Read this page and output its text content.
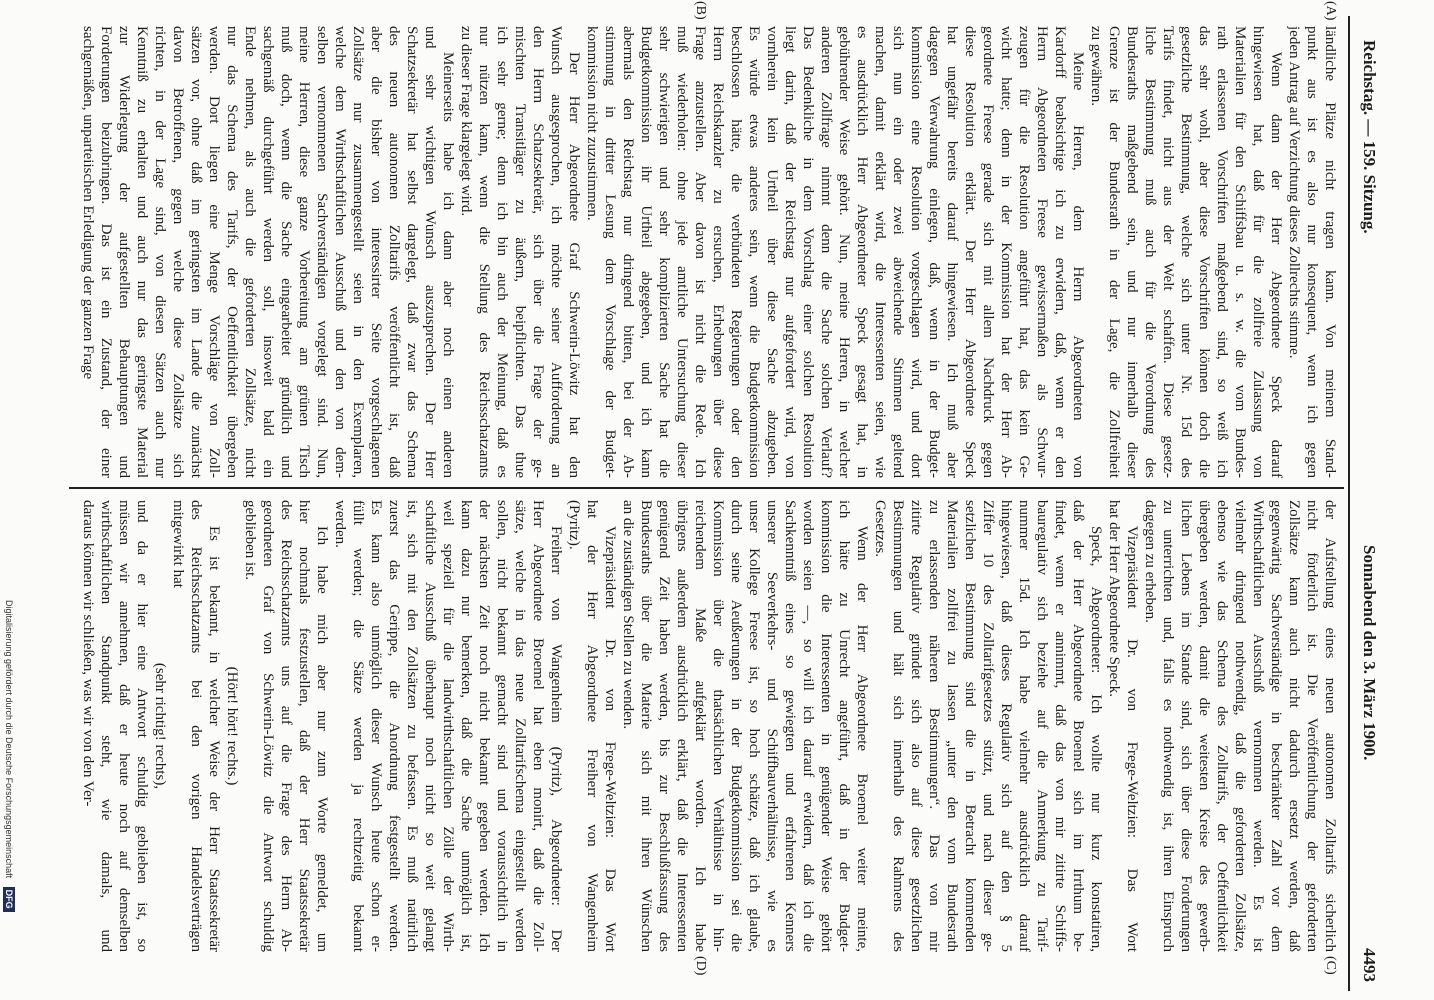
Reichstag. — 159. Sitzung.
Sonnabend den 3. März 1900.
4493
(A)
(B)
ländliche Plätze nicht tragen kann. Von meinem Stand-
punkt aus ist es also nur konsequent, wenn ich gegen
jeden Antrag auf Verzichtung dieses Zollrechts stimme.
Wenn dann der Herr Abgeordnete Speck darauf
hingewiesen hat, daß für die zollfreie Zulassung von
Materialien für den Schiffsbau u. s. w. die vom Bundes-
rath erlassenen Vorschriften maßgebend sind, so weiß ich
das sehr wohl, aber diese Vorschriften können doch die
gesetzliche Bestimmung, welche sich unter Nr. 15d des
Tarifs findet, nicht aus der Welt schaffen. Diese gesetz-
liche Bestimmung muß auch für die Verordnung des
Bundesraths maßgebend sein, und nur innerhalb dieser
Grenze ist der Bundesrath in der Lage, die Zollfreiheit
zu gewähren.
Meine Herren, dem Herrn Abgeordneten von
Kardorff beabsichtige ich zu erwidern, daß, wenn er den
Herrn Abgeordneten Freese gewissermaßen als Schwur-
zeugen für die Resolution angeführt hat, das kein Ge-
wicht hatte; denn in der Kommission hat der Herr Ab-
geordnete Freese gerade sich mit allem Nachdruck gegen
diese Resolution erklärt. Der Herr Abgeordnete Speck
hat ungefähr bereits darauf hingewiesen. Ich muß aber
dagegen Verwahrung einlegen, daß, wenn in der Budget-
kommission eine Resolution vorgeschlagen wird, und dort
sich nun ein oder zwei abweichende Stimmen geltend
machen, damit erklärt wird, die Interessenten seien, wie
es ausdrücklich Herr Abgeordneter Speck gesagt hat, in
gebührender Weise gehört. Nun, meine Herren, in welcher
anderen Zollfrage nimmt denn die Sache solchen Verlauf?
Das Bedenkliche in dem Vorschlag einer solchen Resolution
liegt darin, daß der Reichstag nur aufgefordert wird, von
vornherein kein Urtheil über diese Sache abzugeben.
Es würde etwas anderes sein, wenn die Budgetkommission
beschlossen hätte, die verbündeten Regierungen oder den
Herrn Reichskanzler zu ersuchen, Erhebungen über diese
Frage anzustellen. Aber davon ist nicht die Rede. Ich
muß wiederholen: ohne jede amtliche Untersuchung dieser
sehr schwierigen und sehr komplizierten Sache hat die
Budgetkommission ihr Urtheil abgegeben, und ich kann
abermals den Reichstag nur dringend bitten, bei der Ab-
stimmung in dritter Lesung dem Vorschlage der Budget-
kommission nicht zuzustimmen.
Der Herr Abgeordnete Graf Schwerin-Löwitz hat den
Wunsch ausgesprochen, ich möchte seiner Aufforderung an
den Herrn Schatzsekretär, sich über die Frage der ge-
mischten Transitläger zu äußern, beipflichten. Das thue
ich sehr gerne; denn ich bin auch der Meinung, daß es
nur nützen kann, wenn die Stellung des Reichsschatzamts
zu dieser Frage klargelegt wird.
Meinerseits habe ich dann aber noch einen anderen
und sehr wichtigen Wunsch auszusprechen. Der Herr
Schatzsekretär hat selbst dargelegt, daß zwar das Schema
des neuen autonomen Zolltarifs veröffentlicht ist, daß
aber die bisher von interessirter Seite vorgeschlagenen
Zollsätze nur zusammengestellt seien in den Exemplaren,
welche dem Wirthschaftlichen Ausschuß und den von dem-
selben vernommenen Sachverständigen vorgelegt sind. Nun,
meine Herren, diese ganze Vorbereitung am grünen Tisch
muß doch, wenn die Sache eingearbeitet gründlich und
sachgemäß durchgeführt werden soll, insoweit bald ein
Ende nehmen, als auch die geforderten Zollsätze, nicht
nur das Schema des Tarifs, der Oeffentlichkeit übergeben
werden. Dort liegen eine Menge Vorschläge von Zoll-
sätzen vor, ohne daß im geringsten im Lande die zunächst
davon Betroffenen, gegen welche diese Zollsätze sich
richten, in der Lage sind, von diesen Sätzen auch nur
Kenntniß zu erhalten und auch nur das geringste Material
zur Widerlegung der aufgestellten Behauptungen und
Forderungen beizubringen. Das ist ein Zustand, der einer
sachgemäßen, unparteiischen Erledigung der ganzen Frage
(C)
(D)
der Aufstellung eines neuen autonomen Zolltarifs sicherlich
nicht förderlich ist. Die Veröffentlichung der geforderten
Zollsätze kann auch nicht dadurch ersetzt werden, daß
gegenwärtig Sachverständige in beschränkter Zahl vor dem
Wirthschaftlichen Ausschuß vernommen werden. Es ist
vielmehr dringend nothwendig, daß die geforderten Zollsätze,
ebenso wie das Schema des Zolltarifs, der Oeffentlichkeit
übergeben werden, damit die weitesten Kreise des gewerb-
lichen Lebens im Stande sind, sich über diese Forderungen
zu unterrichten und, falls es nothwendig ist, ihren Einspruch
dagegen zu erheben.
Vizepräsident Dr. von Frege-Weltzien: Das Wort
hat der Herr Abgeordnete Speck.
Speck, Abgeordneter: Ich wollte nur kurz konstatiren,
daß der Herr Abgeordnete Broemel sich im Irrthum be-
findet, wenn er annimmt, daß das von mir zitirte Schiffs-
bauregulativ sich beziehe auf die Anmerkung zu Tarif-
nummer 15d. Ich habe vielmehr ausdrücklich darauf
hingewiesen, daß dieses Regulativ sich auf den § 5
Ziffer 10 des Zolltarifgesetzes stützt, und nach dieser ge-
setzlichen Bestimmung sind die in Betracht kommenden
Materialien zollfrei zu lassen „unter den vom Bundesrath
zu erlassenden näheren Bestimmungen“. Das von mir
zitirte Regulativ gründet sich also auf diese gesetzlichen
Bestimmungen und hält sich innerhalb des Rahmens des
Gesetzes.
Wenn der Herr Abgeordnete Broemel weiter meinte,
ich hätte zu Unrecht angeführt, daß in der Budget-
kommission die Interessenten in genügender Weise gehört
worden seien —, so will ich darauf erwidern, daß ich die
Sachkenntniß eines so gewiegten und erfahrenen Kenners
unserer Seeverkehrs- und Schiffbauverhältnisse, wie es
unser Kollege Freese ist, so hoch schätze, daß ich glaube,
durch seine Aeußerungen in der Budgetkommission sei die
Kommission über die thatsächlichen Verhältnisse in hin-
reichendem Maße aufgeklärt worden. Ich habe
übrigens außerdem ausdrücklich erklärt, daß die Interessenten
genügend Zeit haben werden, bis zur Beschlußfassung des
Bundesraths über die Materie sich mit ihren Wünschen
an die zuständigen Stellen zu wenden.
Vizepräsident Dr. von Frege-Weltzien: Das Wort
hat der Herr Abgeordnete Freiherr von Wangenheim
(Pyritz).
Freiherr von Wangenheim (Pyritz), Abgeordneter: Der
Herr Abgeordnete Broemel hat eben monirt, daß die Zoll-
sätze, welche in das neue Zolltarifschema eingestellt werden
sollen, nicht bekannt gemacht sind und voraussichtlich in
der nächsten Zeit noch nicht bekannt gegeben werden. Ich
kann dazu nur bemerken, daß die Sache unmöglich ist,
weil speziell für die landwirthschaftlichen Zölle der Wirth-
schaftliche Ausschuß überhaupt noch nicht so weit gelangt
ist, sich mit den Zollsätzen zu befassen. Es muß natürlich
zuerst das Gerippe, die Anordnung festgestellt werden.
Es kann also unmöglich dieser Wunsch heute schon er-
füllt werden; die Sätze werden ja rechtzeitig bekannt
werden.
Ich habe mich aber nur zum Worte gemeldet, um
hier nochmals festzustellen, daß der Herr Staatssekretär
des Reichsschatzamts uns auf die Frage des Herrn Ab-
geordneten Graf von Schwerin-Löwitz die Antwort schuldig
geblieben ist.
(Hört! hört! rechts.)
Es ist bekannt, in welcher Weise der Herr Staatssekretär
des Reichsschatzamts bei den vorigen Handelsverträgen
mitgewirkt hat
(sehr richtig! rechts),
und da er hier eine Antwort schuldig geblieben ist, so
müssen wir annehmen, daß er heute noch auf demselben
wirthschaftlichen Standpunkt steht, wie damals, und
daraus können wir schließen, was wir von den Ver-
Digitalisierung gefördert durch die Deutsche Forschungsgemeinschaft DFG
